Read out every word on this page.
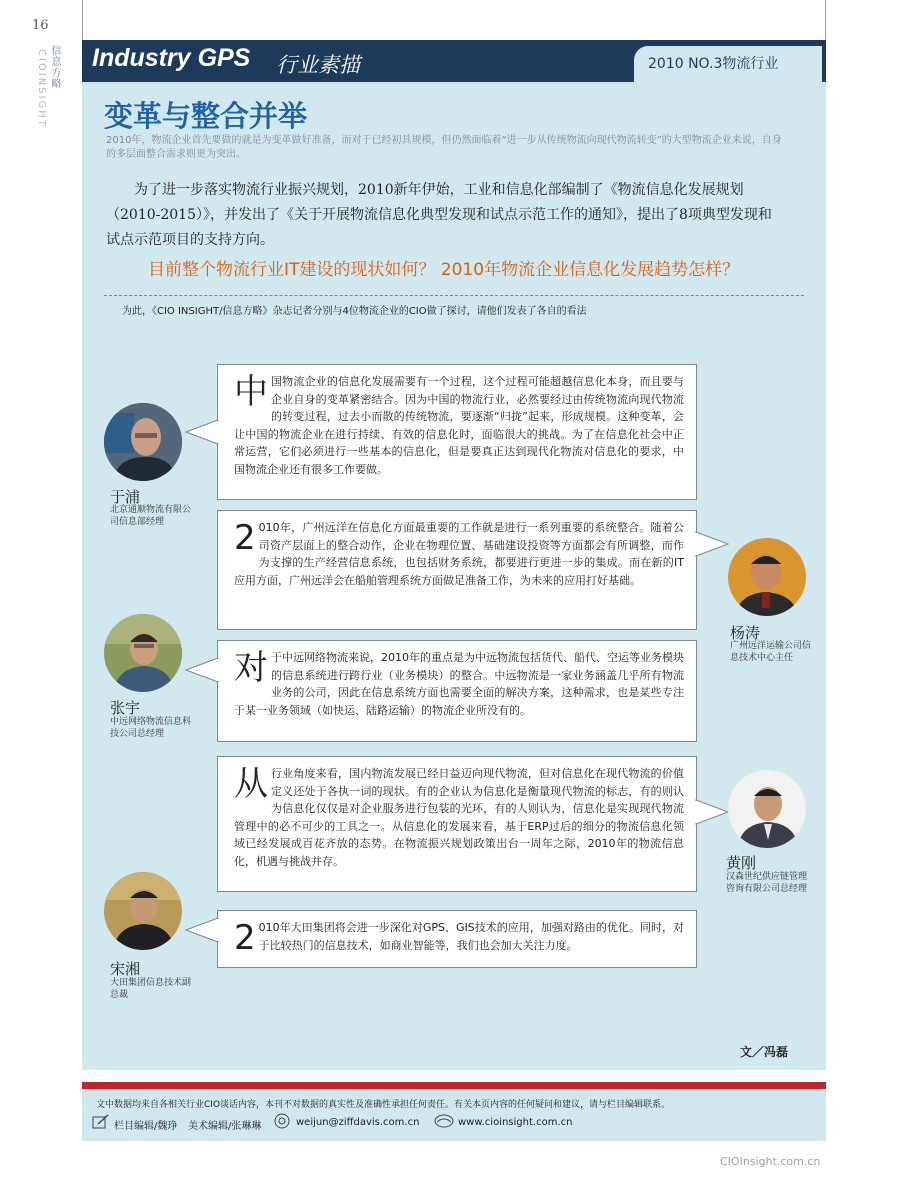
16
信息方略
CIOINSIGHT Industry GPS 行业素描	2010 NO.3物流行业
变革与整合并举
2010年，物流企业首先要做的就是为变革做好准备，而对于已经初具规模，但仍然面临着“进一步从传统物流向现代物流转变”的大型物流企业来说，自身的多层面整合需求则更为突出。
为了进一步落实物流行业振兴规划，2010新年伊始，工业和信息化部编制了《物流信息化发展规划（2010-2015）》，并发出了《关于开展物流信息化典型发现和试点示范工作的通知》，提出了8项典型发现和试点示范项目的支持方向。
目前整个物流行业IT建设的现状如何？ 2010年物流企业信息化发展趋势怎样？
为此，《CIO INSIGHT/信息方略》杂志记者分别与4位物流企业的CIO做了探讨，请他们发表了各自的看法
中 国物流企业的信息化发展需要有一个过程，这个过程可能超越信息化本身，而且要与企业自身的变革紧密结合。因为中国的物流行业，必然要经过由传统物流向现代物流的转变过程，过去小而散的传统物流，要逐渐“归拢”起来，形成规模。这种变革，会让中国的物流企业在进行持续、有效的信息化时，面临很大的挑战。为了在信息化社会中正常运营，它们必须进行一些基本的信息化，但是要真正达到现代化物流对信息化的要求，中国物流企业还有很多工作要做。
于浦
北京通顺物流有限公司信息部经理	2 010年，广州远洋在信息化方面最重要的工作就是进行一系列重要的系统整合。随着公司资产层面上的整合动作，企业在物理位置、基础建设投资等方面都会有所调整，而作为支撑的生产经营信息系统，也包括财务系统，都要进行更进一步的集成。而在新的IT应用方面，广州远洋会在船舶管理系统方面做足准备工作，为未来的应用打好基础。
杨涛
广州远洋运输公司信息技术中心主任
对 于中远网络物流来说，2010年的重点是为中远物流包括货代、船代、空运等业务模块的信息系统进行跨行业（业务模块）的整合。中远物流是一家业务涵盖几乎所有物流业务的公司，因此在信息系统方面也需要全面的解决方案，这种需求，也是某些专注于某一业务领域（如快运、陆路运输）的物流企业所没有的。
张宇
中远网络物流信息科技公司总经理
从 行业角度来看，国内物流发展已经日益迈向现代物流，但对信息化在现代物流的价值定义还处于各执一词的现状。有的企业认为信息化是衡量现代物流的标志，有的则认为信息化仅仅是对企业服务进行包装的光环，有的人则认为，信息化是实现现代物流管理中的必不可少的工具之一。从信息化的发展来看，基于ERP过后的细分的物流信息化领域已经发展成百花齐放的态势。在物流振兴规划政策出台一周年之际，2010年的物流信息化，机遇与挑战并存。	黄刚
汉森世纪供应链管理咨询有限公司总经理
2 010年大田集团将会进一步深化对GPS、GIS技术的应用，加强对路由的优化。同时，对于比较热门的信息技术，如商业智能等，我们也会加大关注力度。
宋湘
大田集团信息技术副总裁
文／冯磊
文中数据均来自各相关行业CIO谈话内容，本刊不对数据的真实性及准确性承担任何责任。有关本页内容的任何疑问和建议，请与栏目编辑联系。
栏目编辑/魏琤 美术编辑/张琳琳	weijun@ziffdavis.com.cn	www.cioinsight.com.cn
CIOInsight.com.cn
